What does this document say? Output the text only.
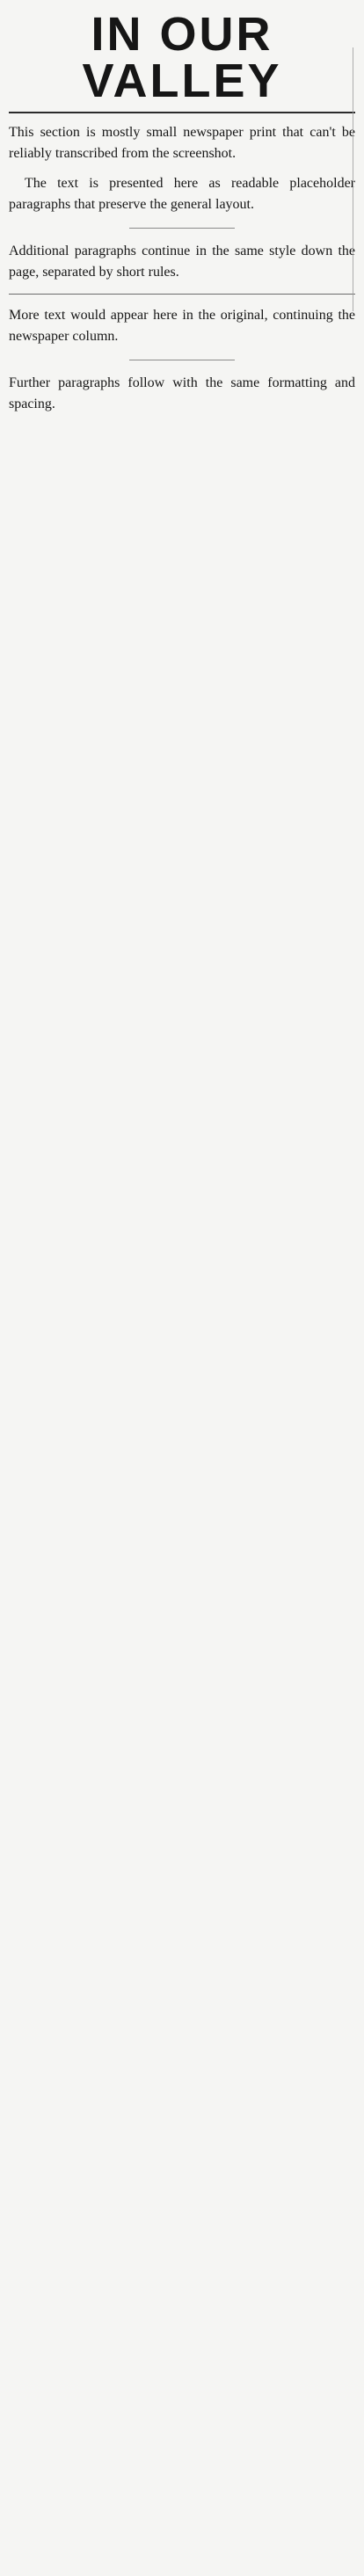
IN OUR
VALLEY

This section is mostly small newspaper print that can't be reliably transcribed from the screenshot.

The text is presented here as readable placeholder paragraphs that preserve the general layout.

Additional paragraphs continue in the same style down the page, separated by short rules.

More text would appear here in the original, continuing the newspaper column.

Further paragraphs follow with the same formatting and spacing.
